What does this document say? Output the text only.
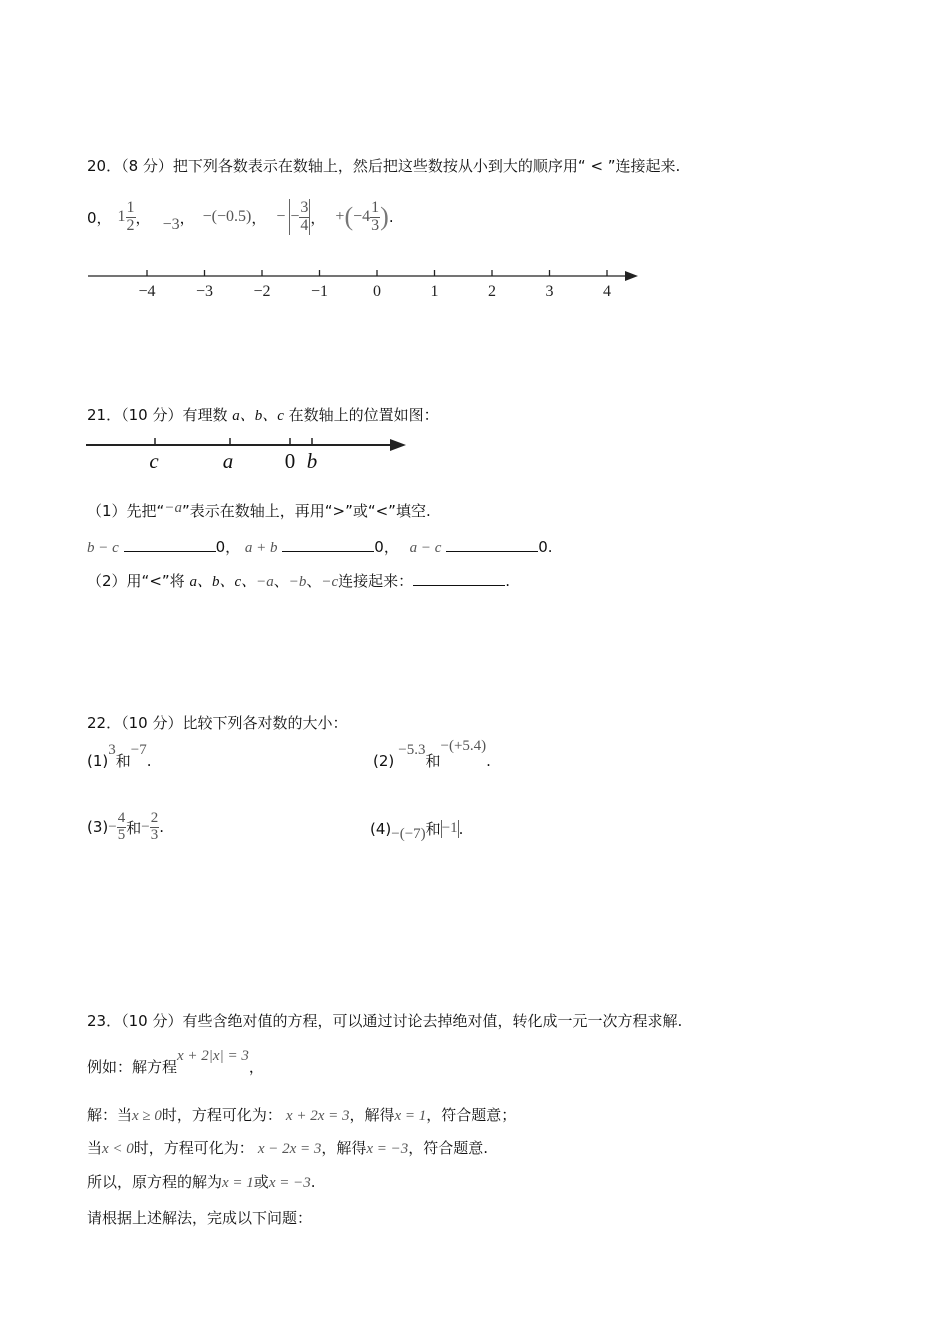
20．（8 分）把下列各数表示在数轴上，然后把这些数按从小到大的顺序用“ < ”连接起来.
0， $1 \frac{1}{2}$ ， −3 ， −(−0.5) ， − − $\frac{3}{4}$ ， + ( $-4 \frac{1}{3}$ ) .
−4	−3	−2	−1	0	1	2	3	4
21．（10 分）有理数 a、b、c 在数轴上的位置如图：
c	a 0 b
（1）先把“−a”表示在数轴上，再用“>”或“<”填空.
b − c	0， a + b	0， a − c	0.
（2）用“<”将 a、b、c、−a、−b、−c连接起来：	.
22．（10 分）比较下列各对数的大小：
(1)3和−7.	(2)−5.3和−(+5.4).
$(3) - \frac{4}{5}$ 和 − $\frac{2}{3}$ .	(4) −(−7) 和 −1 .
23．（10 分）有些含绝对值的方程，可以通过讨论去掉绝对值，转化成一元一次方程求解.
例如：解方程x + 2|x| = 3，
解：当x ≥ 0时，方程可化为： x + 2x = 3，解得x = 1，符合题意；
当x < 0时，方程可化为： x − 2x = 3，解得x = −3，符合题意.
所以，原方程的解为x = 1或x = −3.
请根据上述解法，完成以下问题：
